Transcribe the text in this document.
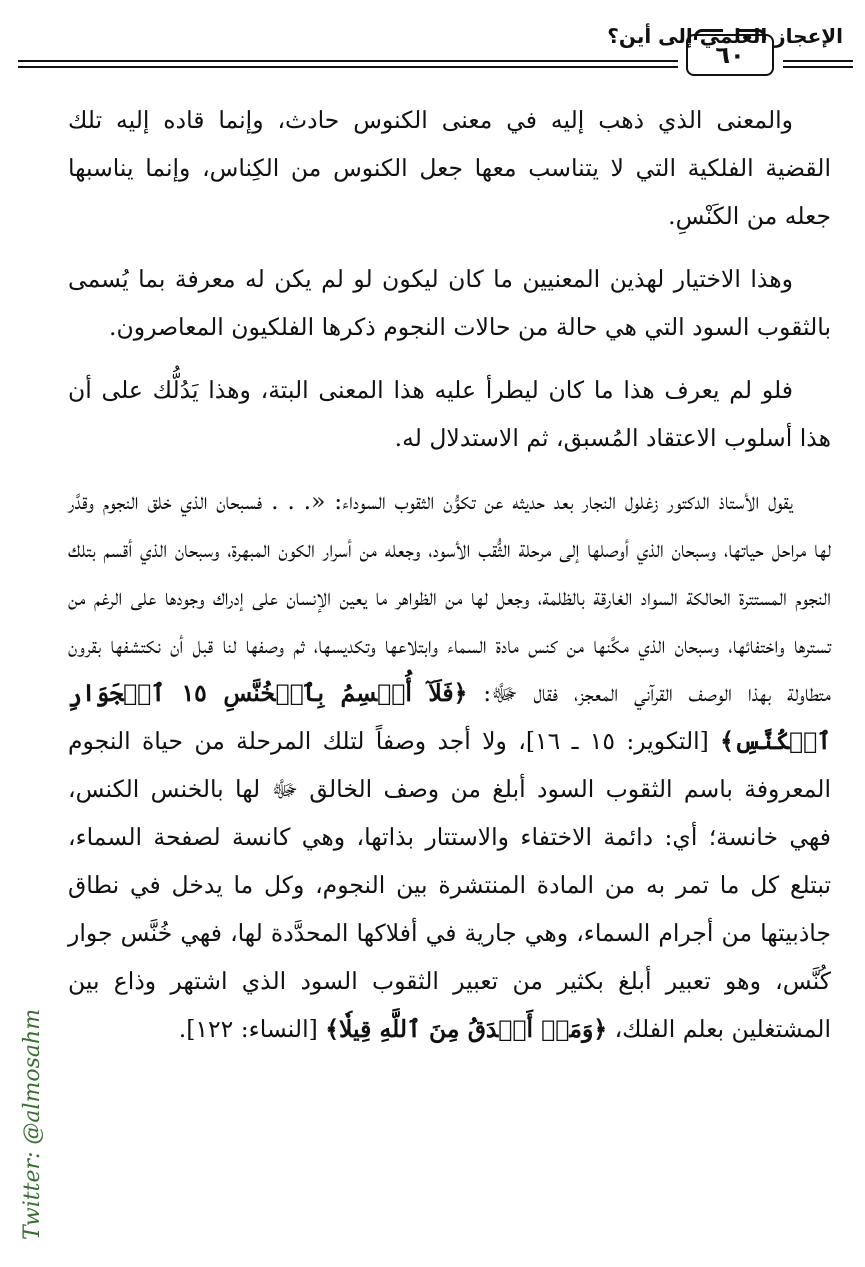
الإعجاز العلمي إلى أين؟
٦٠

والمعنى الذي ذهب إليه في معنى الكنوس حادث، وإنما قاده إليه تلك القضية الفلكية التي لا يتناسب معها جعل الكنوس من الكِناس، وإنما يناسبها جعله من الكَنْسِ.

وهذا الاختيار لهذين المعنيين ما كان ليكون لو لم يكن له معرفة بما يُسمى بالثقوب السود التي هي حالة من حالات النجوم ذكرها الفلكيون المعاصرون.

فلو لم يعرف هذا ما كان ليطرأ عليه هذا المعنى البتة، وهذا يَدُلُّك على أن هذا أسلوب الاعتقاد المُسبق، ثم الاستدلال له.

يقول الأستاذ الدكتور زغلول النجار بعد حديثه عن تكوُّن الثقوب السوداء: «. . . فسبحان الذي خلق النجوم وقدَّر لها مراحل حياتها، وسبحان الذي أوصلها إلى مرحلة الثُّقب الأسود، وجعله من أسرار الكون المبهرة، وسبحان الذي أقسم بتلك النجوم المستترة الحالكة السواد الغارقة بالظلمة، وجعل لها من الظواهر ما يعين الإنسان على إدراك وجودها على الرغم من تسترها واختفائها، وسبحان الذي مكَّنها من كنس مادة السماء وابتلاعها وتكديسها، ثم وصفها لنا قبل أن نكتشفها بقرون متطاولة بهذا الوصف القرآني المعجز، فقال ﷻ: ﴿فَلَآ أُقۡسِمُ بِٱلۡخُنَّسِ ١٥ ٱلۡجَوَارِ ٱلۡكُنَّسِ﴾ [التكوير: ١٥ ـ ١٦]، ولا أجد وصفاً لتلك المرحلة من حياة النجوم المعروفة باسم الثقوب السود أبلغ من وصف الخالق ﷻ لها بالخنس الكنس، فهي خانسة؛ أي: دائمة الاختفاء والاستتار بذاتها، وهي كانسة لصفحة السماء، تبتلع كل ما تمر به من المادة المنتشرة بين النجوم، وكل ما يدخل في نطاق جاذبيتها من أجرام السماء، وهي جارية في أفلاكها المحدَّدة لها، فهي خُنَّس جوار كُنَّس، وهو تعبير أبلغ بكثير من تعبير الثقوب السود الذي اشتهر وذاع بين المشتغلين بعلم الفلك، ﴿وَمَنۡ أَصۡدَقُ مِنَ ٱللَّهِ قِيلٗا﴾ [النساء: ١٢٢].

Twitter: @almosahm
